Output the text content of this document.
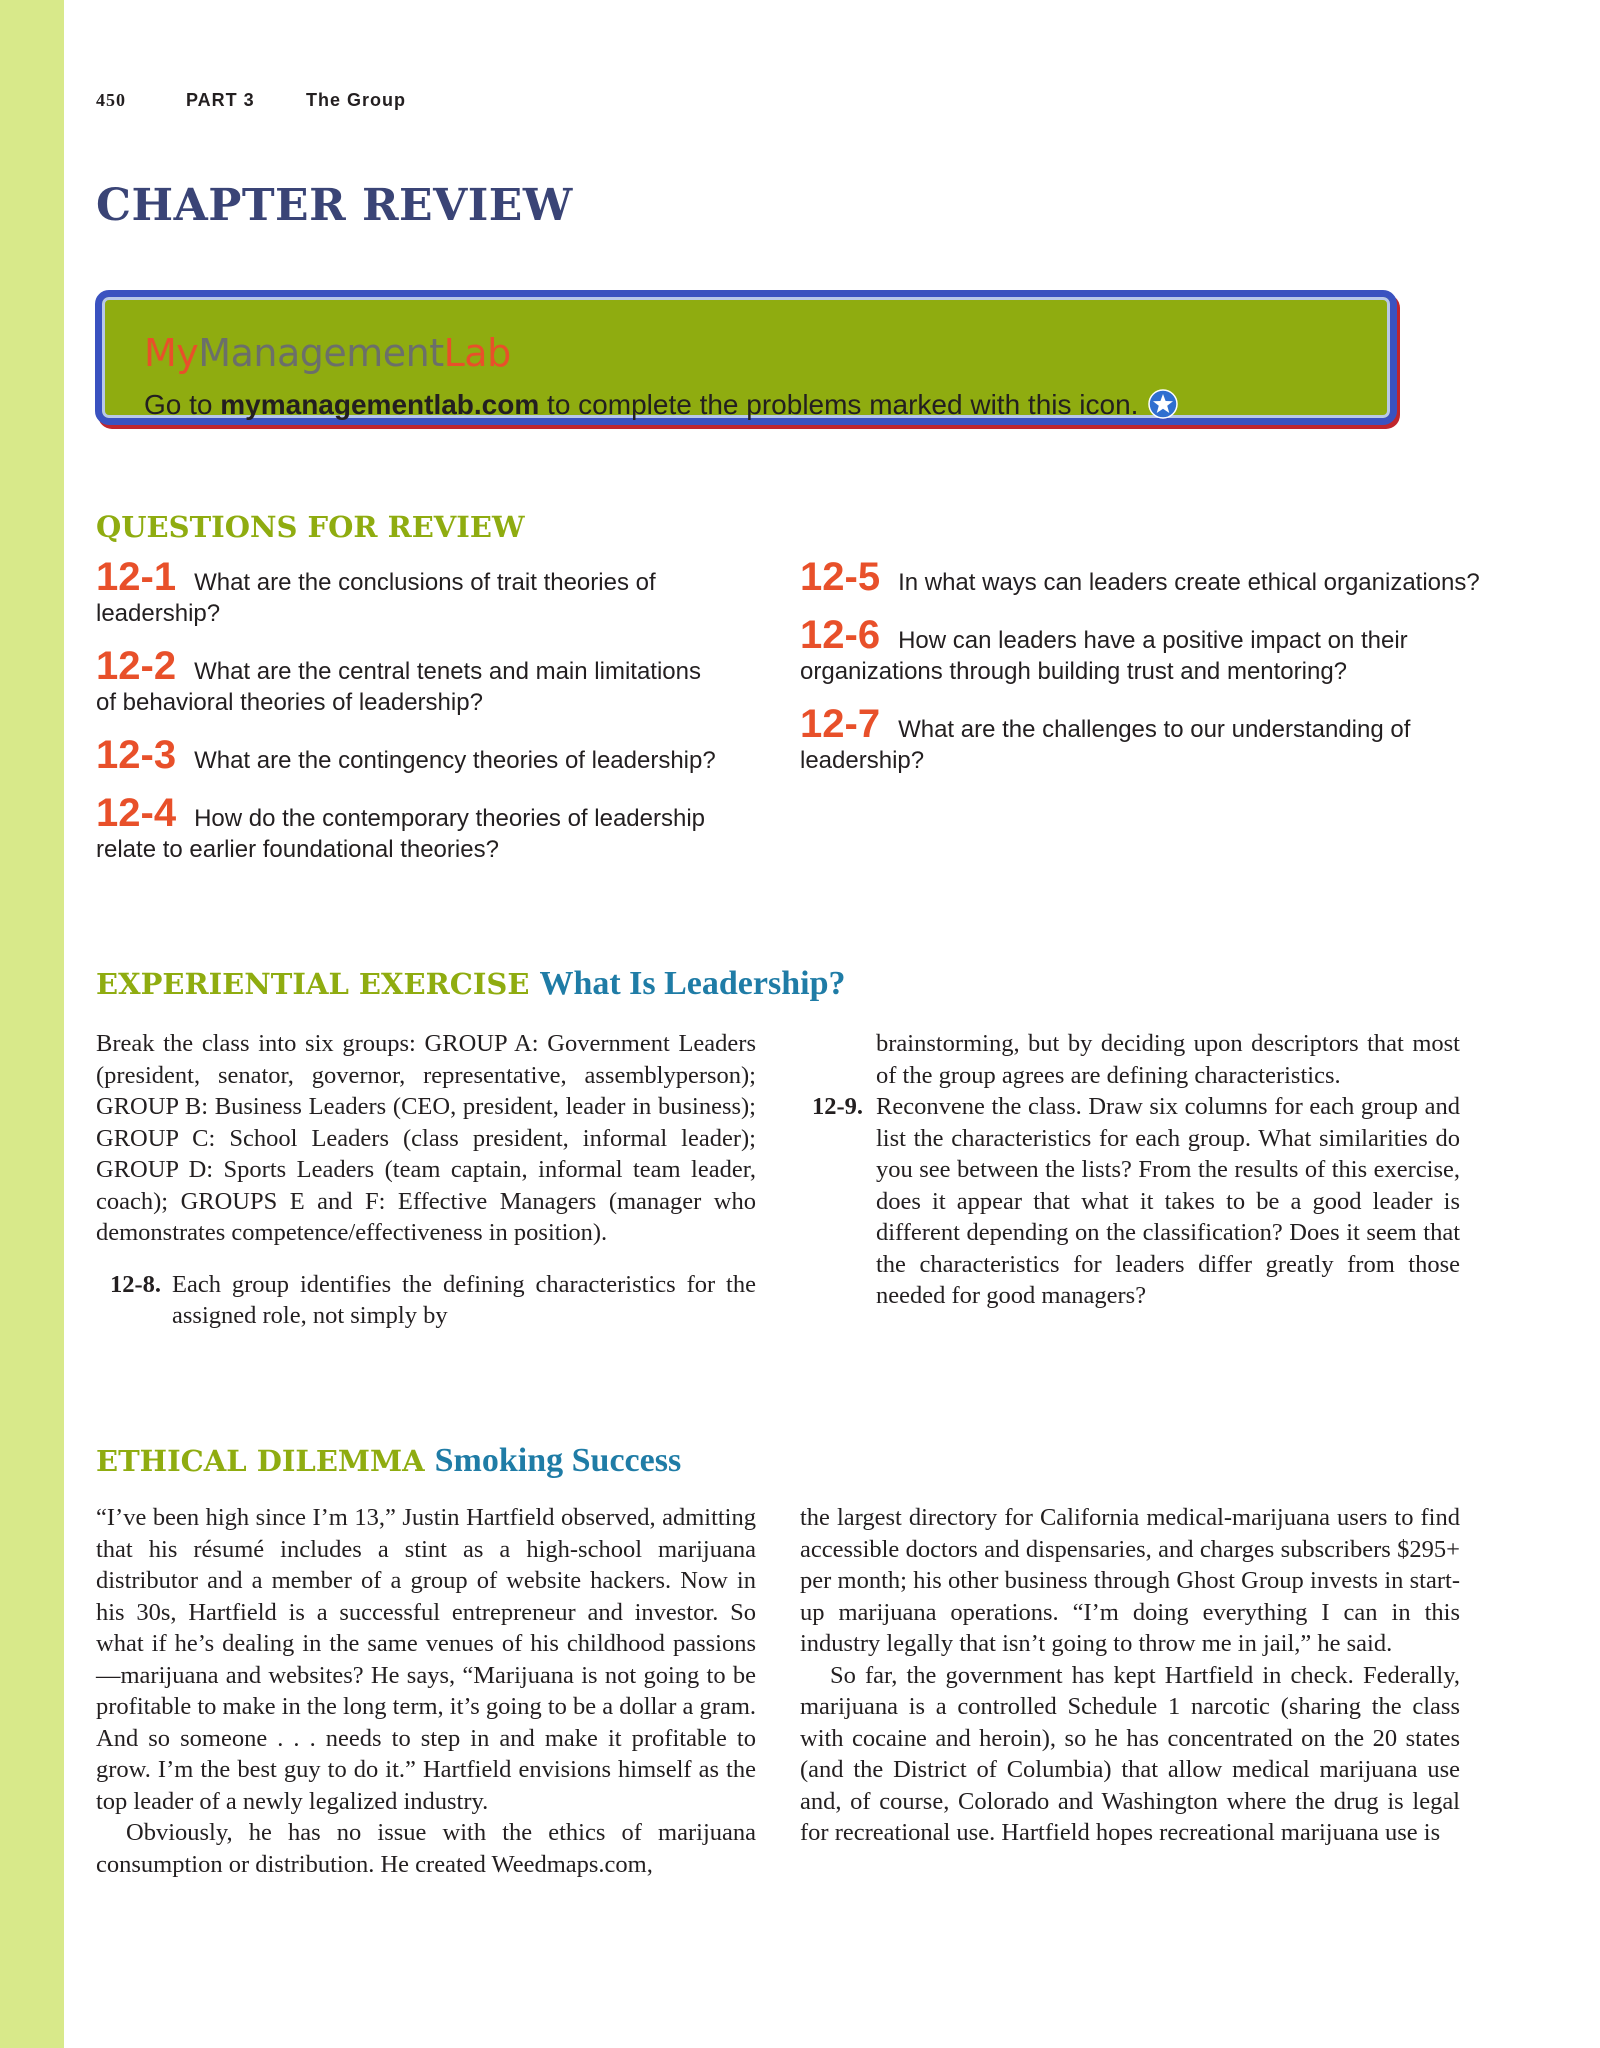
450	PART 3	The Group
CHAPTER REVIEW
MyManagementLab
Go to mymanagementlab.com to complete the problems marked with this icon.
QUESTIONS FOR REVIEW
12-1 What are the conclusions of trait theories of leadership?
12-2 What are the central tenets and main limitations of behavioral theories of leadership?
12-3 What are the contingency theories of leadership?
12-4 How do the contemporary theories of leadership relate to earlier foundational theories?
12-5 In what ways can leaders create ethical organizations?
12-6 How can leaders have a positive impact on their organizations through building trust and mentoring?
12-7 What are the challenges to our understanding of leadership?
EXPERIENTIAL EXERCISE What Is Leadership?

Break the class into six groups: GROUP A: Government Leaders (president, senator, governor, representative, assemblyperson); GROUP B: Business Leaders (CEO, president, leader in business); GROUP C: School Leaders (class president, informal leader); GROUP D: Sports Leaders (team captain, informal team leader, coach); GROUPS E and F: Effective Managers (manager who demonstrates competence/effectiveness in position).

12-8. Each group identifies the defining characteristics for the assigned role, not simply by

brainstorming, but by deciding upon descriptors that most of the group agrees are defining characteristics.

12-9. Reconvene the class. Draw six columns for each group and list the characteristics for each group. What similarities do you see between the lists? From the results of this exercise, does it appear that what it takes to be a good leader is different depending on the classification? Does it seem that the characteristics for leaders differ greatly from those needed for good managers?
ETHICAL DILEMMA Smoking Success

“I’ve been high since I’m 13,” Justin Hartfield observed, admitting that his résumé includes a stint as a high-school marijuana distributor and a member of a group of website hackers. Now in his 30s, Hartfield is a successful entrepreneur and investor. So what if he’s dealing in the same venues of his childhood passions—marijuana and websites? He says, “Marijuana is not going to be profitable to make in the long term, it’s going to be a dollar a gram. And so someone . . . needs to step in and make it profitable to grow. I’m the best guy to do it.” Hartfield envisions himself as the top leader of a newly legalized industry.

Obviously, he has no issue with the ethics of marijuana consumption or distribution. He created Weedmaps.com,

the largest directory for California medical-marijuana users to find accessible doctors and dispensaries, and charges subscribers $295+ per month; his other business through Ghost Group invests in start-up marijuana operations. “I’m doing everything I can in this industry legally that isn’t going to throw me in jail,” he said.

So far, the government has kept Hartfield in check. Federally, marijuana is a controlled Schedule 1 narcotic (sharing the class with cocaine and heroin), so he has concentrated on the 20 states (and the District of Columbia) that allow medical marijuana use and, of course, Colorado and Washington where the drug is legal for recreational use. Hartfield hopes recreational marijuana use is
